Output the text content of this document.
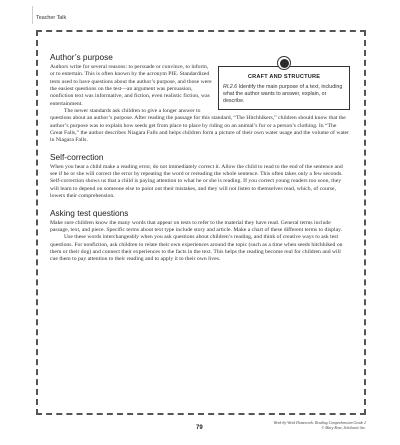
Teacher Talk
Author’s purpose
CRAFT AND STRUCTURE
RI.2.6 Identify the main purpose of a text, including what the author wants to answer, explain, or describe.

Authors write for several reasons: to persuade or convince, to inform, or to entertain. This is often known by the acronym PIE. Standardized tests used to have questions about the author’s purpose, and those were the easiest questions on the test—an argument was persuasion, nonfiction text was informative, and fiction, even realistic fiction, was entertainment.

The newer standards ask children to give a longer answer to questions about an author’s purpose. After reading the passage for this standard, “The Hitchhikers,” children should know that the author’s purpose was to explain how seeds get from place to place by riding on an animal’s fur or a person’s clothing. In “The Great Falls,” the author describes Niagara Falls and helps children form a picture of their own water usage and the volume of water in Niagara Falls.

Self-correction

When you hear a child make a reading error, do not immediately correct it. Allow the child to read to the end of the sentence and see if he or she will correct the error by repeating the word or rereading the whole sentence. This often takes only a few seconds. Self-correction shows us that a child is paying attention to what he or she is reading. If you correct young readers too soon, they will learn to depend on someone else to point out their mistakes, and they will not listen to themselves read, which, of course, lowers their comprehension.

Asking test questions

Make sure children know the many words that appear on tests to refer to the material they have read. General terms include passage, text, and piece. Specific terms about text type include story and article. Make a chart of these different terms to display.

Use these words interchangeably when you ask questions about children’s reading, and think of creative ways to ask test questions. For nonfiction, ask children to relate their own experiences around the topic (such as a time when seeds hitchhiked on them or their dog) and connect their experiences to the facts in the text. This helps the reading become real for children and will cue them to pay attention to their reading and to apply it to their own lives.

79
Week-by-Week Homework: Reading Comprehension Grade 2
© Mary Rose, Scholastic Inc.
